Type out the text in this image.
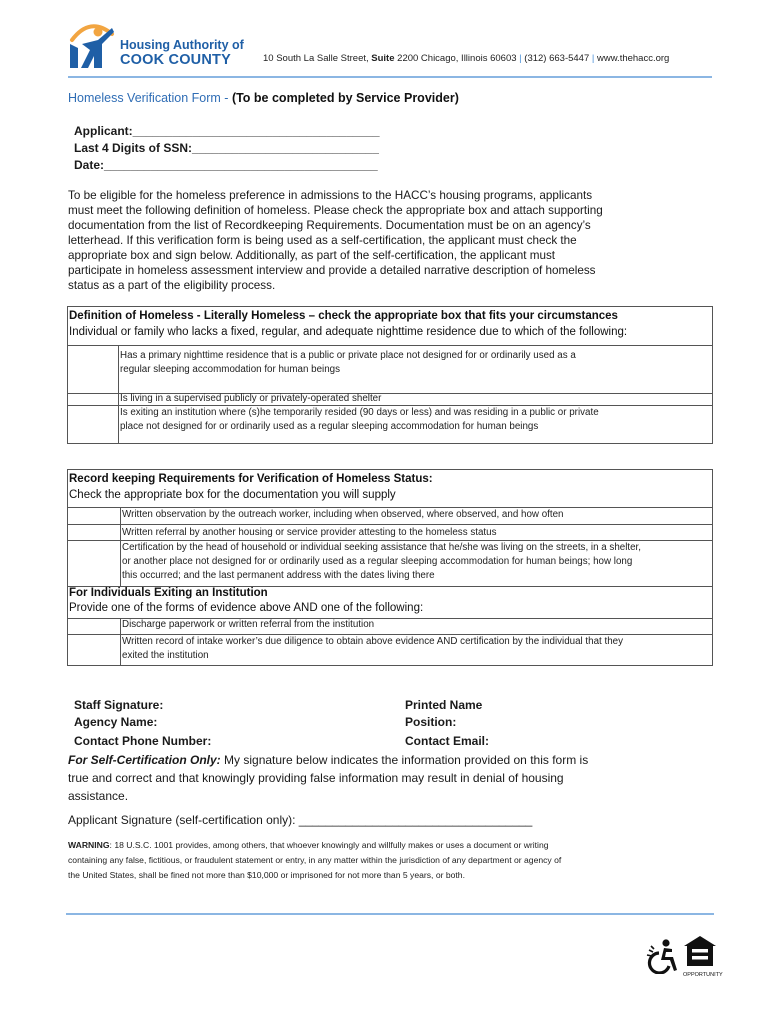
Housing Authority of
COOK COUNTY	10 South La Salle Street, Suite 2200 Chicago, Illinois 60603 | (312) 663-5447 | www.thehacc.org
Homeless Verification Form - (To be completed by Service Provider)
Applicant:_____________________________________
Last 4 Digits of SSN:____________________________
Date:_________________________________________
To be eligible for the homeless preference in admissions to the HACC’s housing programs, applicants
must meet the following definition of homeless. Please check the appropriate box and attach supporting
documentation from the list of Recordkeeping Requirements. Documentation must be on an agency’s
letterhead. If this verification form is being used as a self-certification, the applicant must check the
appropriate box and sign below. Additionally, as part of the self-certification, the applicant must
participate in homeless assessment interview and provide a detailed narrative description of homeless
status as a part of the eligibility process.
Definition of Homeless - Literally Homeless – check the appropriate box that fits your circumstances
Individual or family who lacks a fixed, regular, and adequate nighttime residence due to which of the following:
Has a primary nighttime residence that is a public or private place not designed for or ordinarily used as a
regular sleeping accommodation for human beings
Is living in a supervised publicly or privately-operated shelter
Is exiting an institution where (s)he temporarily resided (90 days or less) and was residing in a public or private
place not designed for or ordinarily used as a regular sleeping accommodation for human beings
Record keeping Requirements for Verification of Homeless Status:
Check the appropriate box for the documentation you will supply
Written observation by the outreach worker, including when observed, where observed, and how often
Written referral by another housing or service provider attesting to the homeless status
Certification by the head of household or individual seeking assistance that he/she was living on the streets, in a shelter,
or another place not designed for or ordinarily used as a regular sleeping accommodation for human beings; how long
this occurred; and the last permanent address with the dates living there
For Individuals Exiting an Institution
Provide one of the forms of evidence above AND one of the following:
Discharge paperwork or written referral from the institution
Written record of intake worker’s due diligence to obtain above evidence AND certification by the individual that they
exited the institution
Staff Signature:
Agency Name:
Contact Phone Number:
Printed Name
Position:
Contact Email:
For Self-Certification Only: My signature below indicates the information provided on this form is
true and correct and that knowingly providing false information may result in denial of housing
assistance.
Applicant Signature (self-certification only): ___________________________________
WARNING: 18 U.S.C. 1001 provides, among others, that whoever knowingly and willfully makes or uses a document or writing
containing any false, fictitious, or fraudulent statement or entry, in any matter within the jurisdiction of any department or agency of
the United States, shall be fined not more than $10,000 or imprisoned for not more than 5 years, or both.
OPPORTUNITY
